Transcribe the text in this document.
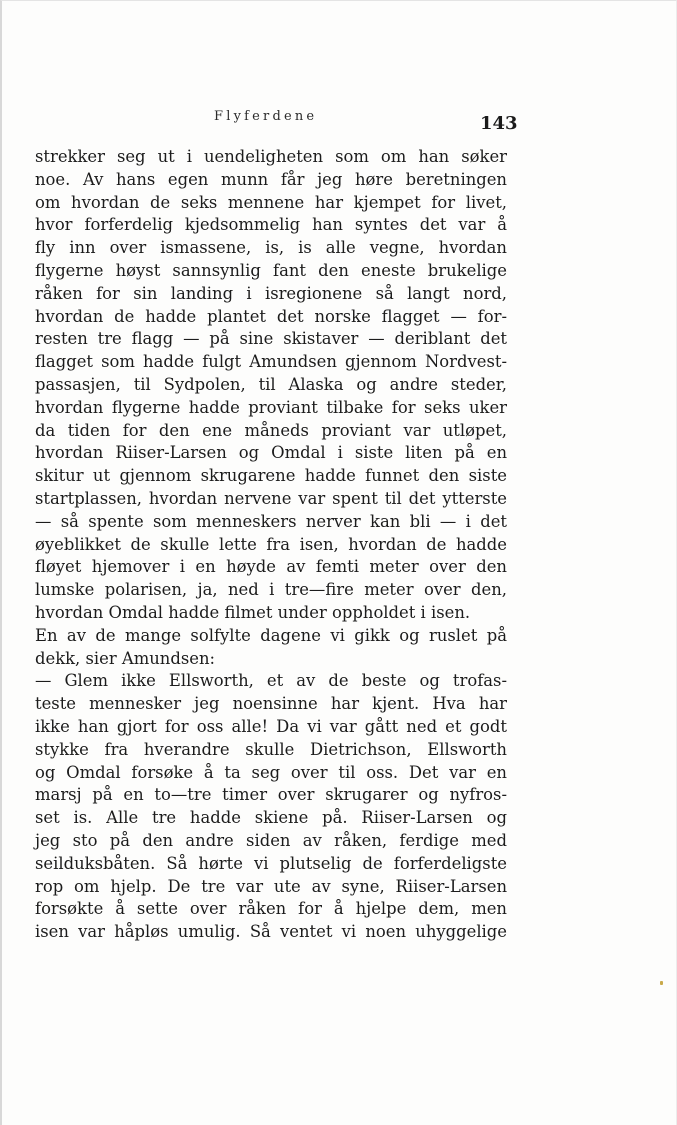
Flyferdene	143
strekker seg ut i uendeligheten som om han søker
noe. Av hans egen munn får jeg høre beretningen
om hvordan de seks mennene har kjempet for livet,
hvor forferdelig kjedsommelig han syntes det var å
fly inn over ismassene, is, is alle vegne, hvordan
flygerne høyst sannsynlig fant den eneste brukelige
råken for sin landing i isregionene så langt nord,
hvordan de hadde plantet det norske flagget — for-
resten tre flagg — på sine skistaver — deriblant det
flagget som hadde fulgt Amundsen gjennom Nordvest-
passasjen, til Sydpolen, til Alaska og andre steder,
hvordan flygerne hadde proviant tilbake for seks uker
da tiden for den ene måneds proviant var utløpet,
hvordan Riiser-Larsen og Omdal i siste liten på en
skitur ut gjennom skrugarene hadde funnet den siste
startplassen, hvordan nervene var spent til det ytterste
— så spente som menneskers nerver kan bli — i det
øyeblikket de skulle lette fra isen, hvordan de hadde
fløyet hjemover i en høyde av femti meter over den
lumske polarisen, ja, ned i tre—fire meter over den,
hvordan Omdal hadde filmet under oppholdet i isen.
En av de mange solfylte dagene vi gikk og ruslet på
dekk, sier Amundsen:
— Glem ikke Ellsworth, et av de beste og trofas-
teste mennesker jeg noensinne har kjent. Hva har
ikke han gjort for oss alle! Da vi var gått ned et godt
stykke fra hverandre skulle Dietrichson, Ellsworth
og Omdal forsøke å ta seg over til oss. Det var en
marsj på en to—tre timer over skrugarer og nyfros-
set is. Alle tre hadde skiene på. Riiser-Larsen og
jeg sto på den andre siden av råken, ferdige med
seilduksbåten. Så hørte vi plutselig de forferdeligste
rop om hjelp. De tre var ute av syne, Riiser-Larsen
forsøkte å sette over råken for å hjelpe dem, men
isen var håpløs umulig. Så ventet vi noen uhyggelige
